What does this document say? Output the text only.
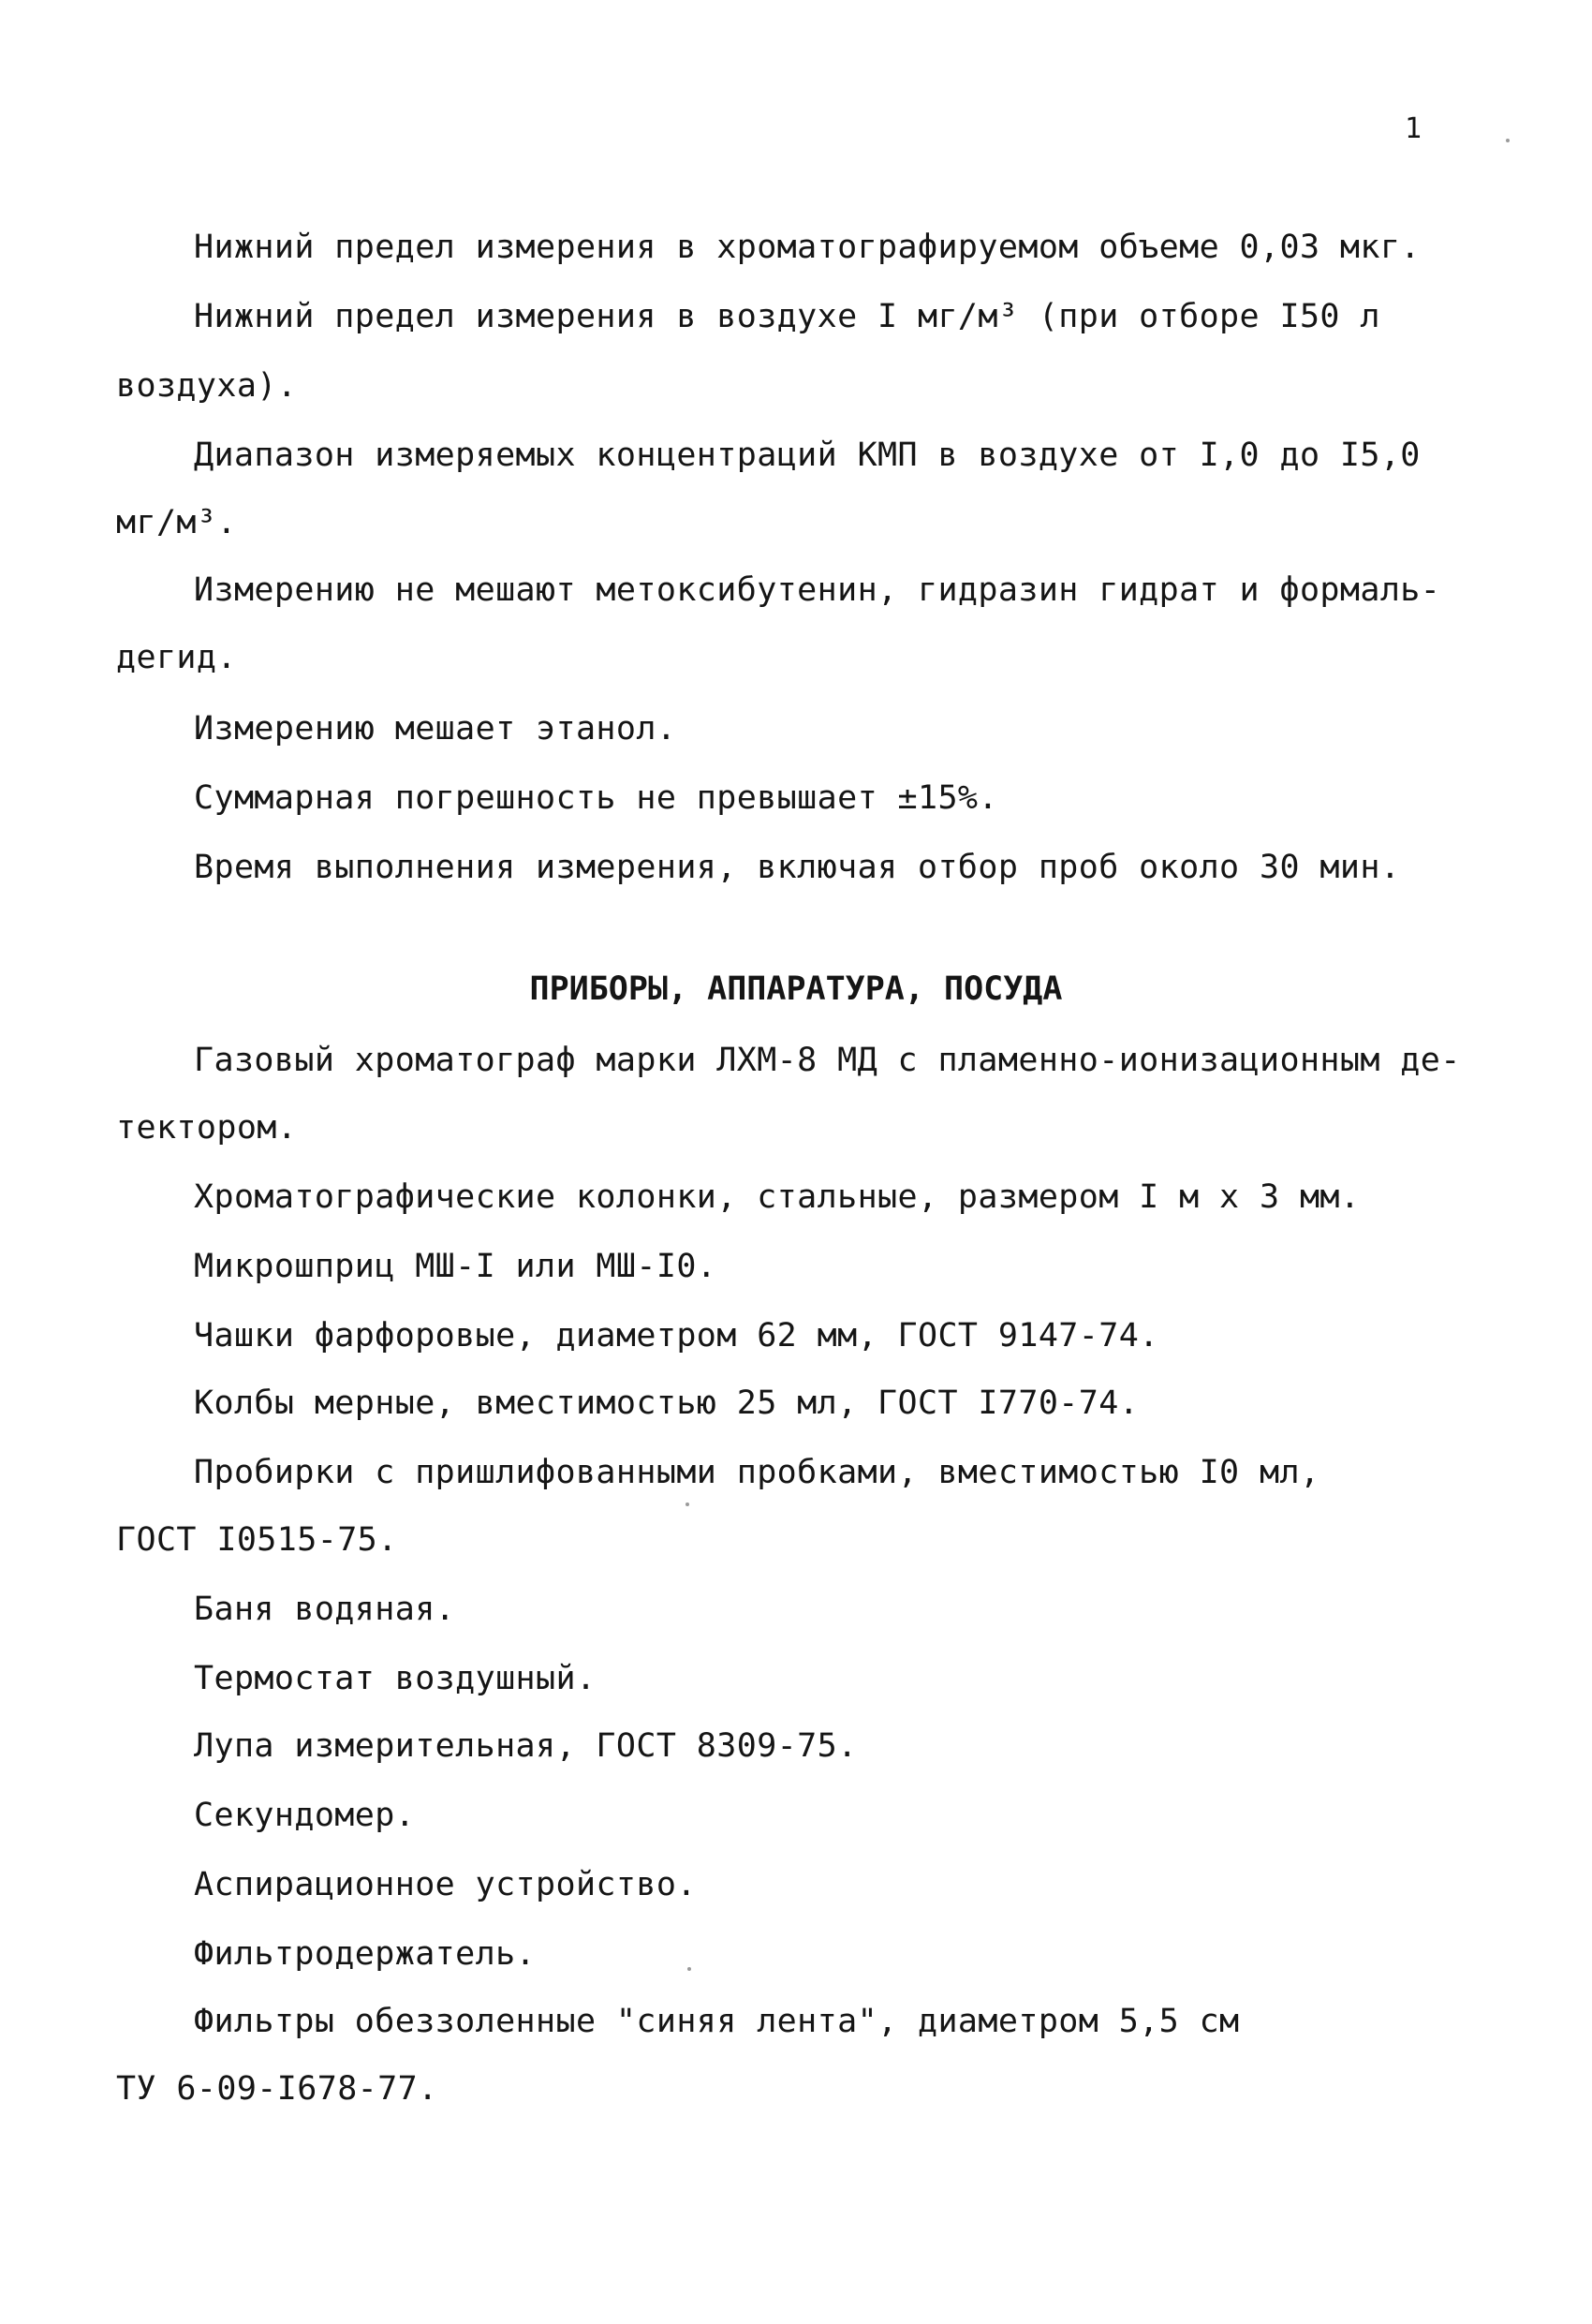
1
Нижний предел измерения в хроматографируемом объеме 0,03 мкг.
Нижний предел измерения в воздухе I мг/м³ (при отборе I50 л
воздуха).
Диапазон измеряемых концентраций КМП в воздухе от I,0 до I5,0
мг/м³.
Измерению не мешают метоксибутенин, гидразин гидрат и формаль-
дегид.
Измерению мешает этанол.
Суммарная погрешность не превышает ±15%.
Время выполнения измерения, включая отбор проб около 30 мин.
ПРИБОРЫ, АППАРАТУРА, ПОСУДА
Газовый хроматограф марки ЛХМ-8 МД с пламенно-ионизационным де-
тектором.
Хроматографические колонки, стальные, размером I м х 3 мм.
Микрошприц МШ-I или МШ-I0.
Чашки фарфоровые, диаметром 62 мм, ГОСТ 9147-74.
Колбы мерные, вместимостью 25 мл, ГОСТ I770-74.
Пробирки с пришлифованными пробками, вместимостью I0 мл,
ГОСТ I0515-75.
Баня водяная.
Термостат воздушный.
Лупа измерительная, ГОСТ 8309-75.
Секундомер.
Аспирационное устройство.
Фильтродержатель.
Фильтры обеззоленные "синяя лента", диаметром 5,5 см
ТУ 6-09-I678-77.
